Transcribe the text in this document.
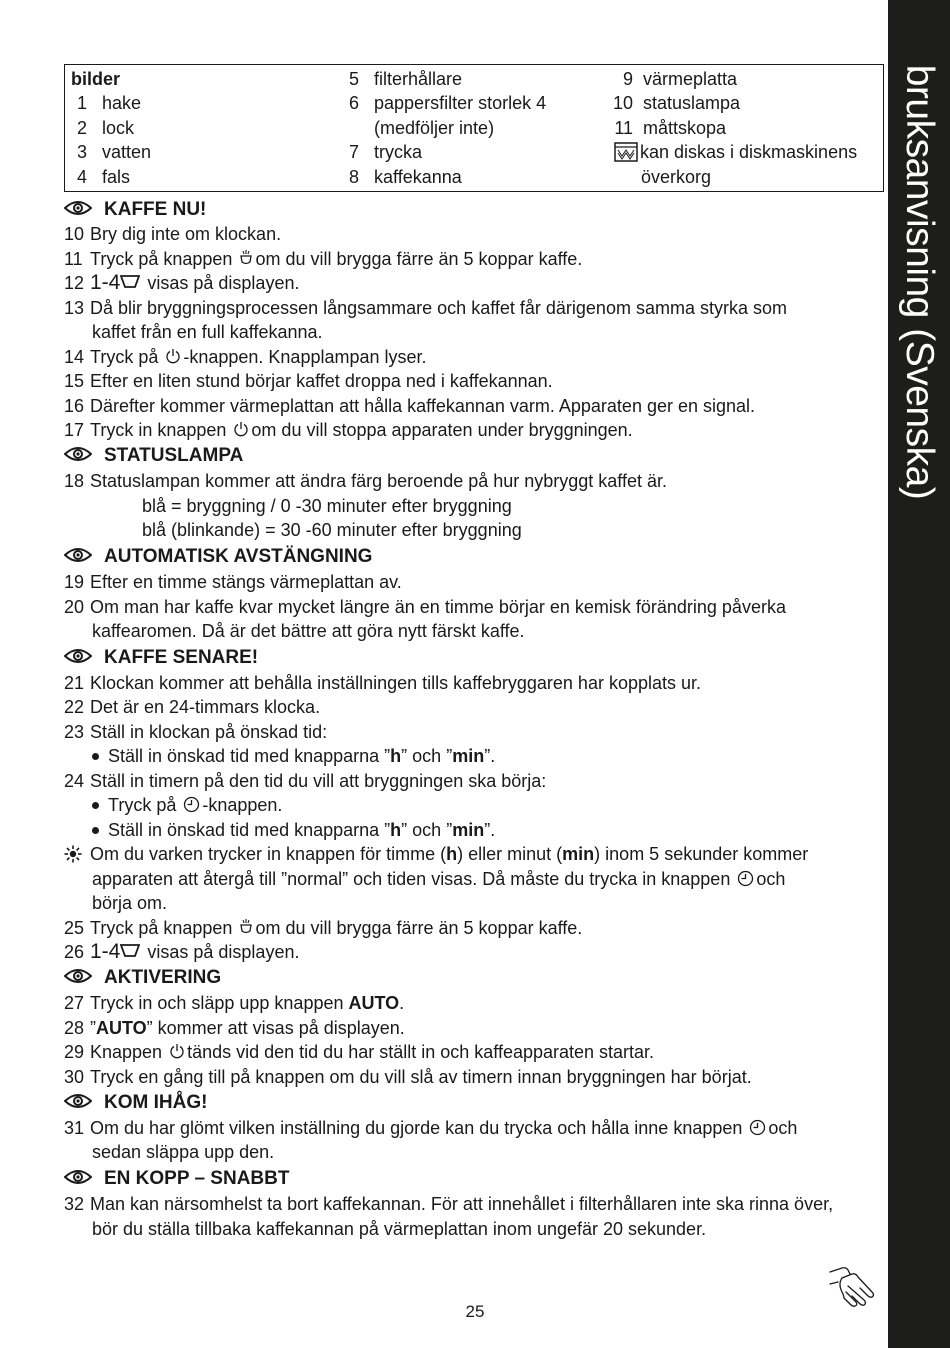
bruksanvisning (Svenska)
bilder
1 hake
2 lock
3 vatten
4 fals
5 filterhållare
6 pappersfilter storlek 4
(medföljer inte)
7 trycka
8 kaffekanna
9 värmeplatta
10 statuslampa
11 måttskopa
kan diskas i diskmaskinens
överkorg
KAFFE NU!
10 Bry dig inte om klockan.
11 Tryck på knappen om du vill brygga färre än 5 koppar kaffe.
12 1-4 visas på displayen.
13 Då blir bryggningsprocessen långsammare och kaffet får därigenom samma styrka som
kaffet från en full kaffekanna.
14 Tryck på -knappen. Knapplampan lyser.
15 Efter en liten stund börjar kaffet droppa ned i kaffekannan.
16 Därefter kommer värmeplattan att hålla kaffekannan varm. Apparaten ger en signal.
17 Tryck in knappen om du vill stoppa apparaten under bryggningen.
STATUSLAMPA
18 Statuslampan kommer att ändra färg beroende på hur nybryggt kaffet är.
blå = bryggning / 0 -30 minuter efter bryggning
blå (blinkande) = 30 -60 minuter efter bryggning
AUTOMATISK AVSTÄNGNING
19 Efter en timme stängs värmeplattan av.
20 Om man har kaffe kvar mycket längre än en timme börjar en kemisk förändring påverka
kaffearomen. Då är det bättre att göra nytt färskt kaffe.
KAFFE SENARE!
21 Klockan kommer att behålla inställningen tills kaffebryggaren har kopplats ur.
22 Det är en 24-timmars klocka.
23 Ställ in klockan på önskad tid:
Ställ in önskad tid med knapparna ”h” och ”min”.
24 Ställ in timern på den tid du vill att bryggningen ska börja:
Tryck på -knappen.
Ställ in önskad tid med knapparna ”h” och ”min”.
Om du varken trycker in knappen för timme (h) eller minut (min) inom 5 sekunder kommer
apparaten att återgå till ”normal” och tiden visas. Då måste du trycka in knappen och
börja om.
25 Tryck på knappen om du vill brygga färre än 5 koppar kaffe.
26 1-4 visas på displayen.
AKTIVERING
27 Tryck in och släpp upp knappen AUTO.
28 ”AUTO” kommer att visas på displayen.
29 Knappen tänds vid den tid du har ställt in och kaffeapparaten startar.
30 Tryck en gång till på knappen om du vill slå av timern innan bryggningen har börjat.
KOM IHÅG!
31 Om du har glömt vilken inställning du gjorde kan du trycka och hålla inne knappen och
sedan släppa upp den.
EN KOPP – SNABBT
32 Man kan närsomhelst ta bort kaffekannan. För att innehållet i filterhållaren inte ska rinna över,
bör du ställa tillbaka kaffekannan på värmeplattan inom ungefär 20 sekunder.
25
